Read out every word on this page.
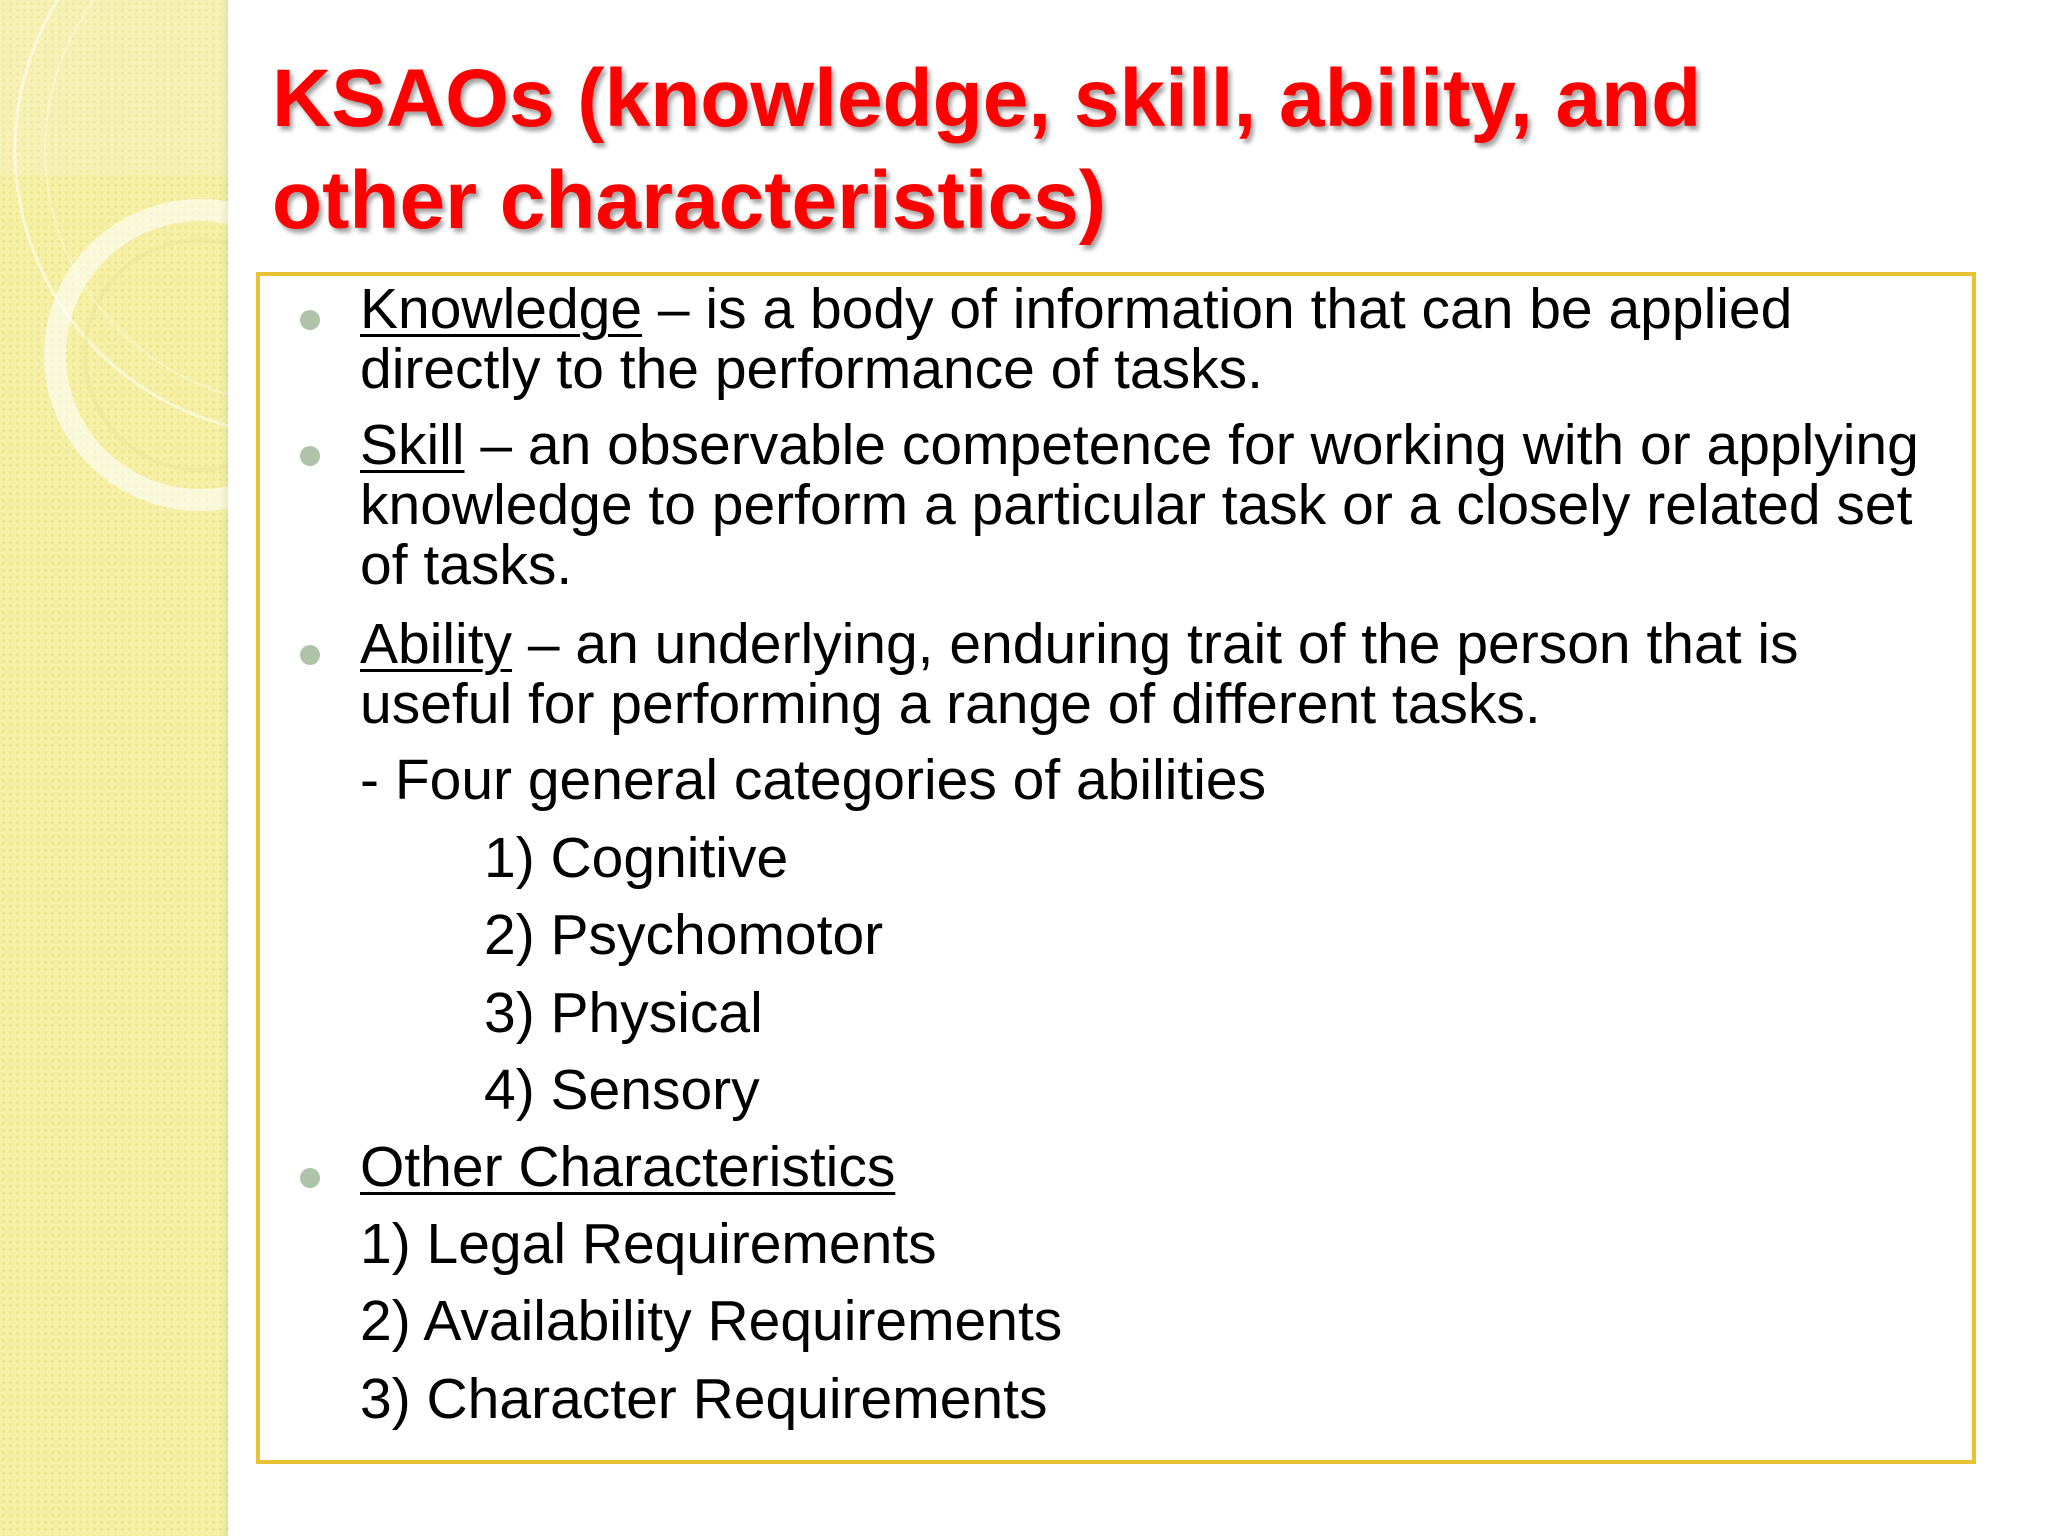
KSAOs (knowledge, skill, ability, and
other characteristics)
Knowledge – is a body of information that can be applied directly to the performance of tasks.
Skill – an observable competence for working with or applying knowledge to perform a particular task or a closely related set of tasks.
Ability – an underlying, enduring trait of the person that is useful for performing a range of different tasks.
- Four general categories of abilities
1) Cognitive
2) Psychomotor
3) Physical
4) Sensory
Other Characteristics
1) Legal Requirements
2) Availability Requirements
3) Character Requirements
